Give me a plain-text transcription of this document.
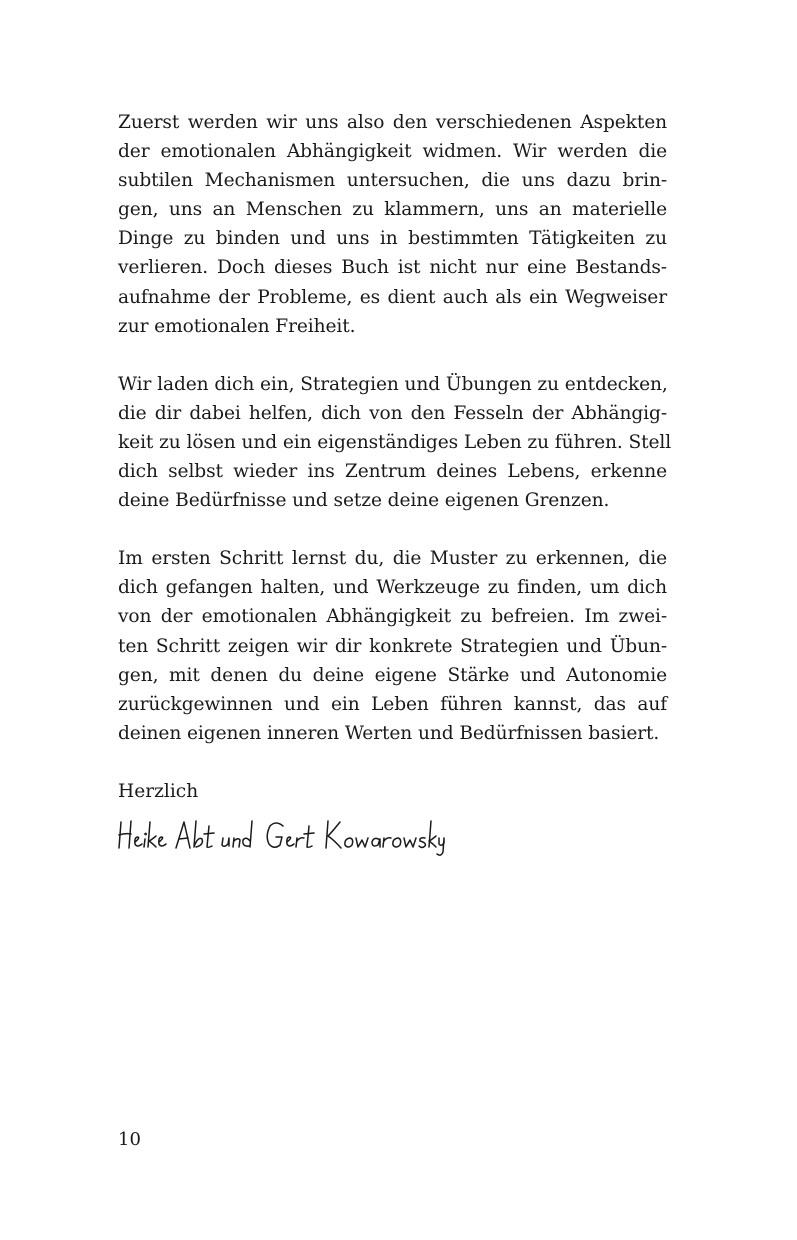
Zuerst werden wir uns also den verschiedenen Aspekten
der emotionalen Abhängigkeit widmen. Wir werden die
subtilen Mechanismen untersuchen, die uns dazu brin-
gen, uns an Menschen zu klammern, uns an materielle
Dinge zu binden und uns in bestimmten Tätigkeiten zu
verlieren. Doch dieses Buch ist nicht nur eine Bestands-
aufnahme der Probleme, es dient auch als ein Wegweiser
zur emotionalen Freiheit.

Wir laden dich ein, Strategien und Übungen zu entdecken,
die dir dabei helfen, dich von den Fesseln der Abhängig-
keit zu lösen und ein eigenständiges Leben zu führen. Stell
dich selbst wieder ins Zentrum deines Lebens, erkenne
deine Bedürfnisse und setze deine eigenen Grenzen.

Im ersten Schritt lernst du, die Muster zu erkennen, die
dich gefangen halten, und Werkzeuge zu finden, um dich
von der emotionalen Abhängigkeit zu befreien. Im zwei-
ten Schritt zeigen wir dir konkrete Strategien und Übun-
gen, mit denen du deine eigene Stärke und Autonomie
zurückgewinnen und ein Leben führen kannst, das auf
deinen eigenen inneren Werten und Bedürfnissen basiert.

Herzlich

10
